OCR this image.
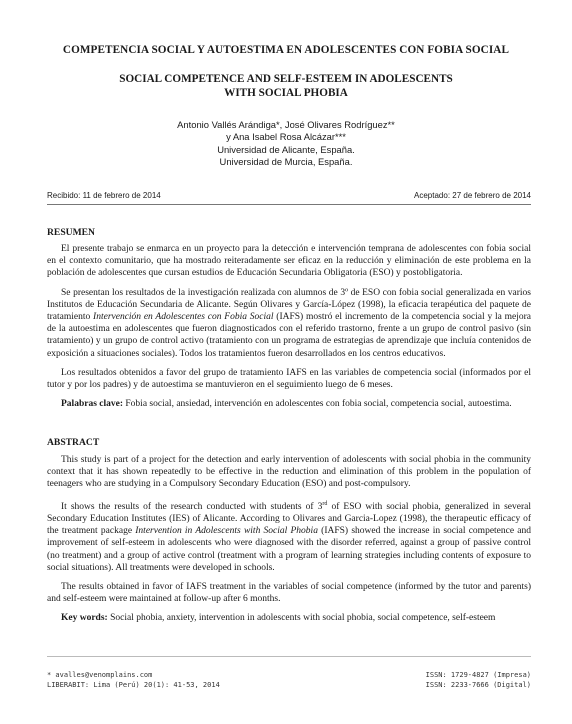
COMPETENCIA SOCIAL Y AUTOESTIMA EN ADOLESCENTES CON FOBIA SOCIAL
SOCIAL COMPETENCE AND SELF-ESTEEM IN ADOLESCENTS
WITH SOCIAL PHOBIA
Antonio Vallés Arándiga*, José Olivares Rodríguez**
y Ana Isabel Rosa Alcázar***
Universidad de Alicante, España.
Universidad de Murcia, España.
Recibido: 11 de febrero de 2014	Aceptado: 27 de febrero de 2014
RESUMEN

El presente trabajo se enmarca en un proyecto para la detección e intervención temprana de adolescentes con fobia social en el contexto comunitario, que ha mostrado reiteradamente ser eficaz en la reducción y eliminación de este problema en la población de adolescentes que cursan estudios de Educación Secundaria Obligatoria (ESO) y postobligatoria.

Se presentan los resultados de la investigación realizada con alumnos de 3º de ESO con fobia social generalizada en varios Institutos de Educación Secundaria de Alicante. Según Olivares y García-López (1998), la eficacia terapéutica del paquete de tratamiento Intervención en Adolescentes con Fobia Social (IAFS) mostró el incremento de la competencia social y la mejora de la autoestima en adolescentes que fueron diagnosticados con el referido trastorno, frente a un grupo de control pasivo (sin tratamiento) y un grupo de control activo (tratamiento con un programa de estrategias de aprendizaje que incluía contenidos de exposición a situaciones sociales). Todos los tratamientos fueron desarrollados en los centros educativos.

Los resultados obtenidos a favor del grupo de tratamiento IAFS en las variables de competencia social (informados por el tutor y por los padres) y de autoestima se mantuvieron en el seguimiento luego de 6 meses.

Palabras clave: Fobia social, ansiedad, intervención en adolescentes con fobia social, competencia social, autoestima.

ABSTRACT

This study is part of a project for the detection and early intervention of adolescents with social phobia in the community context that it has shown repeatedly to be effective in the reduction and elimination of this problem in the population of teenagers who are studying in a Compulsory Secondary Education (ESO) and post-compulsory.

It shows the results of the research conducted with students of 3rd of ESO with social phobia, generalized in several Secondary Education Institutes (IES) of Alicante. According to Olivares and Garcia-Lopez (1998), the therapeutic efficacy of the treatment package Intervention in Adolescents with Social Phobia (IAFS) showed the increase in social competence and improvement of self-esteem in adolescents who were diagnosed with the disorder referred, against a group of passive control (no treatment) and a group of active control (treatment with a program of learning strategies including contents of exposure to social situations). All treatments were developed in schools.

The results obtained in favor of IAFS treatment in the variables of social competence (informed by the tutor and parents) and self-esteem were maintained at follow-up after 6 months.

Key words: Social phobia, anxiety, intervention in adolescents with social phobia, social competence, self-esteem

* avalles@venomplains.com
LIBERABIT: Lima (Perú) 20(1): 41-53, 2014
ISSN: 1729-4827 (Impresa)
ISSN: 2233-7666 (Digital)
